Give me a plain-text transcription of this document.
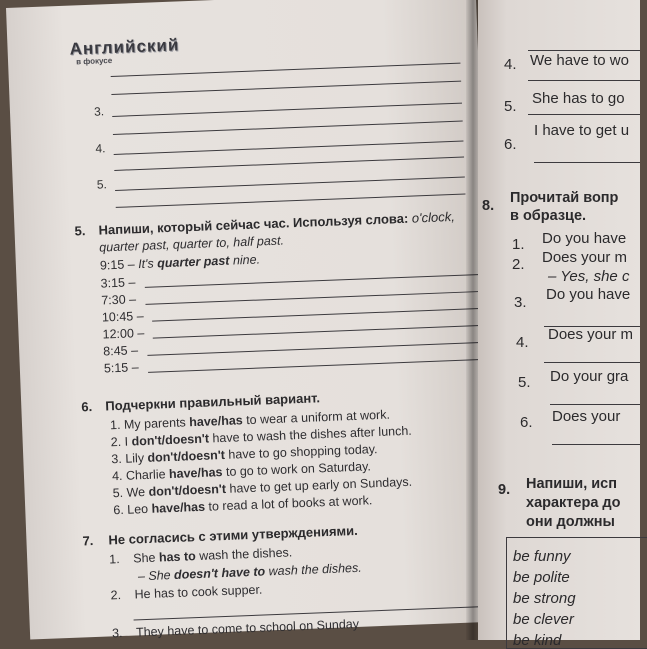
Английский
в фокусе
3.
4.
5.
5. Напиши, который сейчас час. Используя слова: o'clock,
quarter past, quarter to, half past.
9:15 – It's quarter past nine.
3:15 –
7:30 –
10:45 –
12:00 –
8:45 –
5:15 –
6. Подчеркни правильный вариант.
1. My parents have/has to wear a uniform at work.
2. I don't/doesn't have to wash the dishes after lunch.
3. Lily don't/doesn't have to go shopping today.
4. Charlie have/has to go to work on Saturday.
5. We don't/doesn't have to get up early on Sundays.
6. Leo have/has to read a lot of books at work.
7. Не согласись с этими утверждениями.
1. She has to wash the dishes.
– She doesn't have to wash the dishes.
2. He has to cook supper.
3. They have to come to school on Sunday
4. We have to wo
5. She has to go
6.
I have to get u
8. Прочитай вопр
в образце.
1. Do you have
2. Does your m
– Yes, she c
3. Do you have
4. Does your m
5. Do your gra
6. Does your
9. Напиши, исп
характера до
они должны
be funny
be polite
be strong
be clever
be kind
